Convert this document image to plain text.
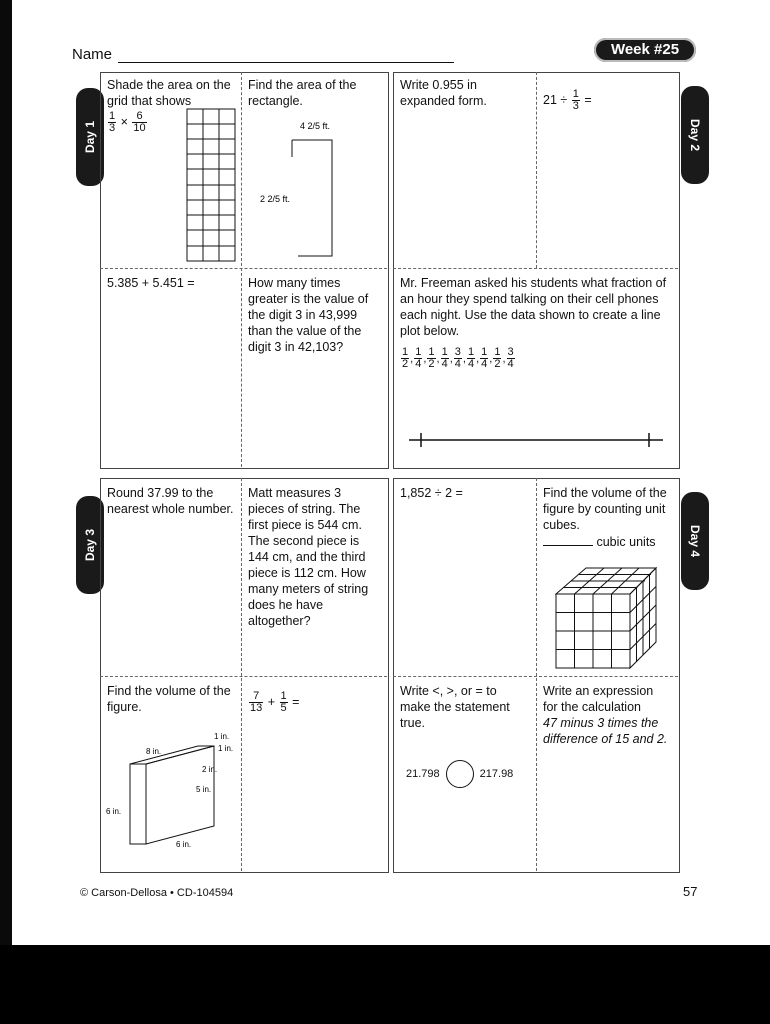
Name	Week #25
Day 1	Day 2
Day 3	Day 4
Shade the area on the grid that shows
$\frac{1}{3} \times \frac{6}{10}$
Find the area of the rectangle.
4 2/5 ft.
2 2/5 ft.
Write 0.955 in expanded form.	$21 \div \frac{1}{3}$ =
5.385 + 5.451 =	How many times greater is the value of the digit 3 in 43,999 than the value of the digit 3 in 42,103?
Mr. Freeman asked his students what fraction of an hour they spend talking on their cell phones each night. Use the data shown to create a line plot below.
$\frac{1}{2}$ , $\frac{1}{4}$ , $\frac{1}{2}$ , $\frac{1}{4}$ , $\frac{3}{4}$ , $\frac{1}{4}$ , $\frac{1}{4}$ , $\frac{1}{2}$ , $\frac{3}{4}$
Round 37.99 to the nearest whole number.
Matt measures 3 pieces of string. The first piece is 544 cm. The second piece is 144 cm, and the third piece is 112 cm. How many meters of string does he have altogether?
1,852 ÷ 2 =	Find the volume of the figure by counting unit cubes.
cubic units
Find the volume of the figure.
8 in.
1 in.
1 in.
2 in.
5 in.
6 in.
6 in.
$\frac{7}{13} + \frac{1}{5}$ =
Write <, >, or = to make the statement true.
21.798	217.98
Write an expression for the calculation
47 minus 3 times the difference of 15 and 2.
© Carson-Dellosa • CD-104594	57
